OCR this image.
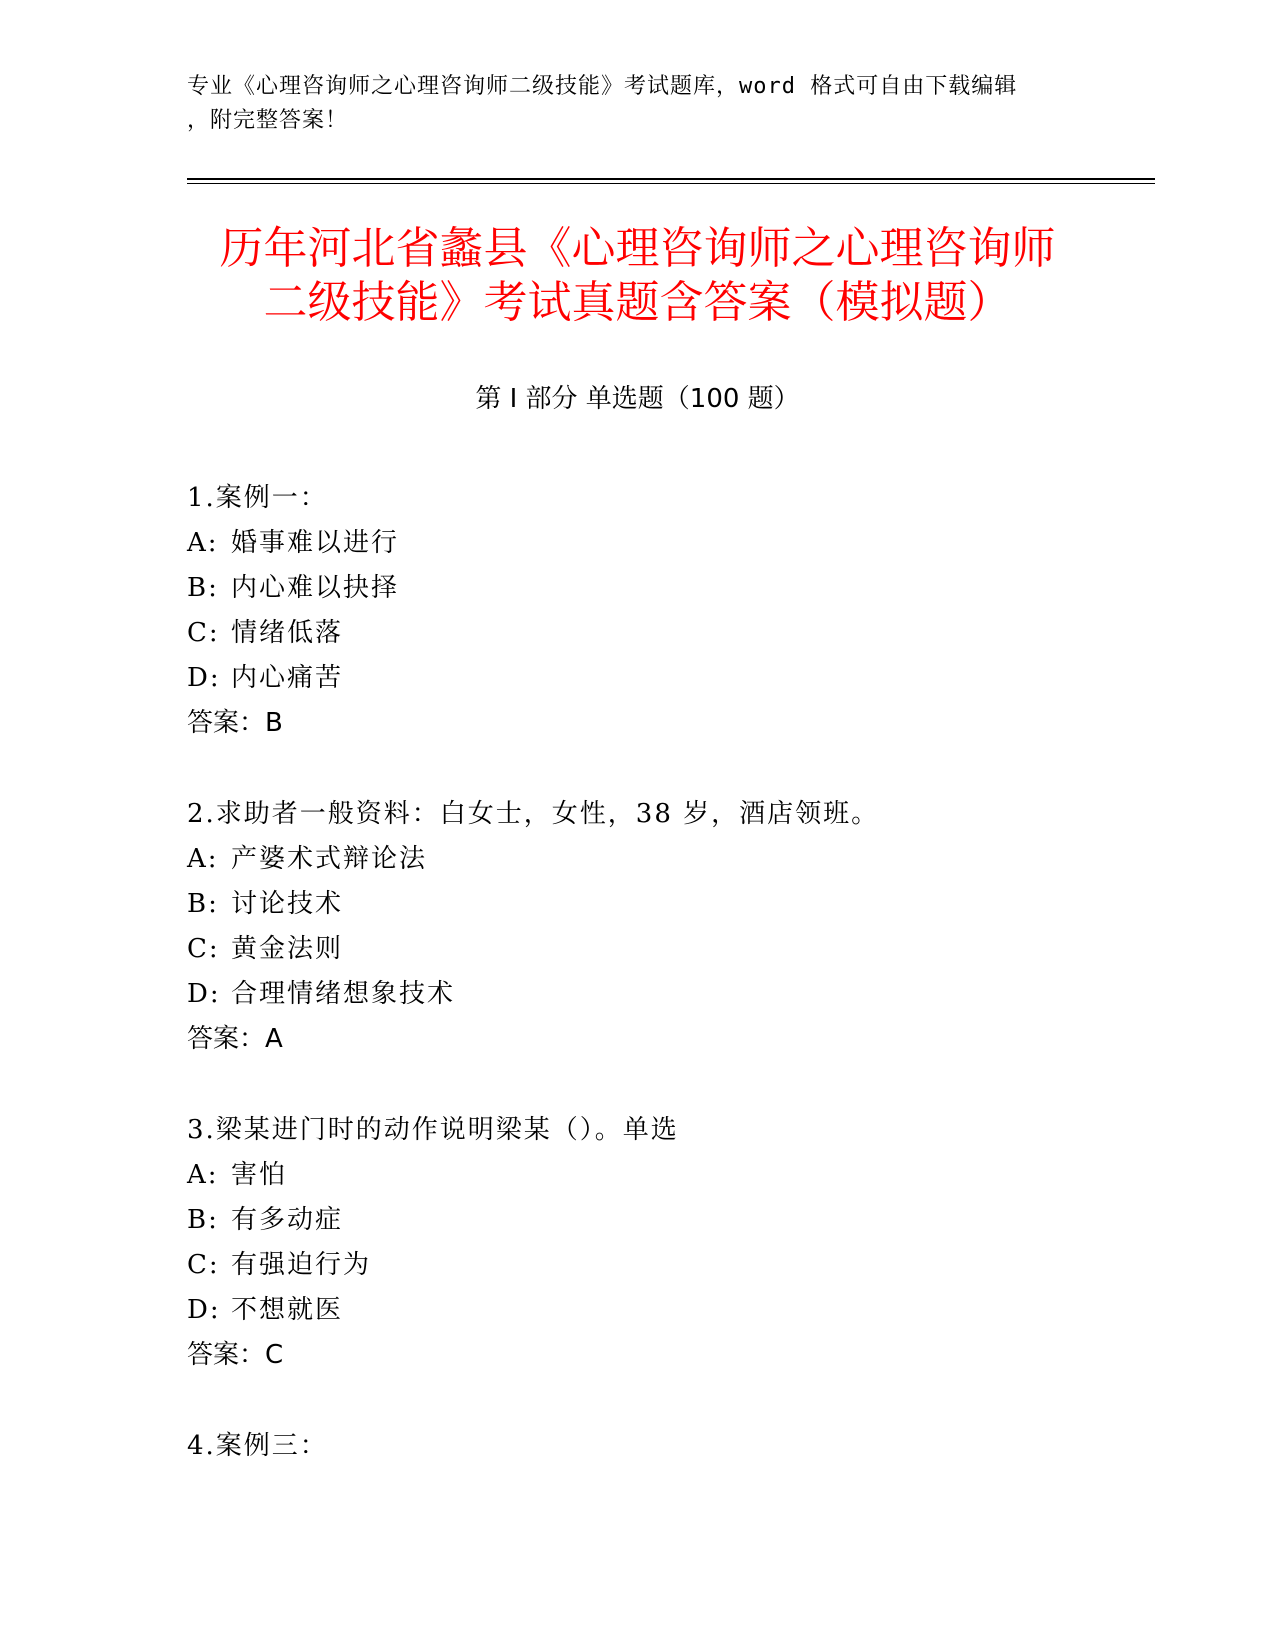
专业《心理咨询师之心理咨询师二级技能》考试题库，word 格式可自由下载编辑
，附完整答案！
历年河北省蠡县《心理咨询师之心理咨询师
二级技能》考试真题含答案（模拟题）
第 I 部分 单选题（100 题）
1.案例一：
A: 婚事难以进行
B: 内心难以抉择
C: 情绪低落
D: 内心痛苦
答案：B
2.求助者一般资料：白女士，女性，38 岁，酒店领班。
A: 产婆术式辩论法
B: 讨论技术
C: 黄金法则
D: 合理情绪想象技术
答案：A
3.梁某进门时的动作说明梁某（）。单选
A: 害怕
B: 有多动症
C: 有强迫行为
D: 不想就医
答案：C
4.案例三：
